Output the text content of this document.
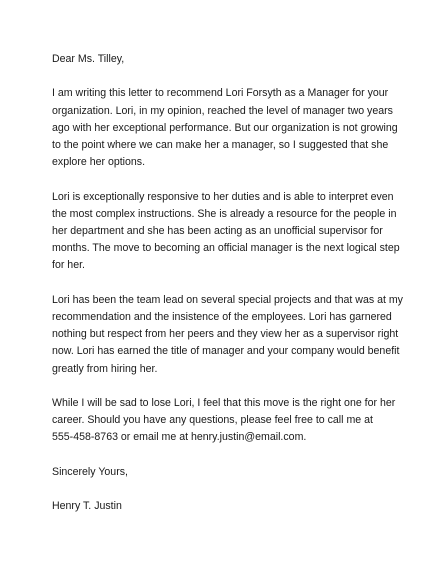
Dear Ms. Tilley,

I am writing this letter to recommend Lori Forsyth as a Manager for your
organization. Lori, in my opinion, reached the level of manager two years
ago with her exceptional performance. But our organization is not growing
to the point where we can make her a manager, so I suggested that she
explore her options.

Lori is exceptionally responsive to her duties and is able to interpret even
the most complex instructions. She is already a resource for the people in
her department and she has been acting as an unofficial supervisor for
months. The move to becoming an official manager is the next logical step
for her.

Lori has been the team lead on several special projects and that was at my
recommendation and the insistence of the employees. Lori has garnered
nothing but respect from her peers and they view her as a supervisor right
now. Lori has earned the title of manager and your company would benefit
greatly from hiring her.

While I will be sad to lose Lori, I feel that this move is the right one for her
career. Should you have any questions, please feel free to call me at
555-458-8763 or email me at henry.justin@email.com.

Sincerely Yours,

Henry T. Justin
